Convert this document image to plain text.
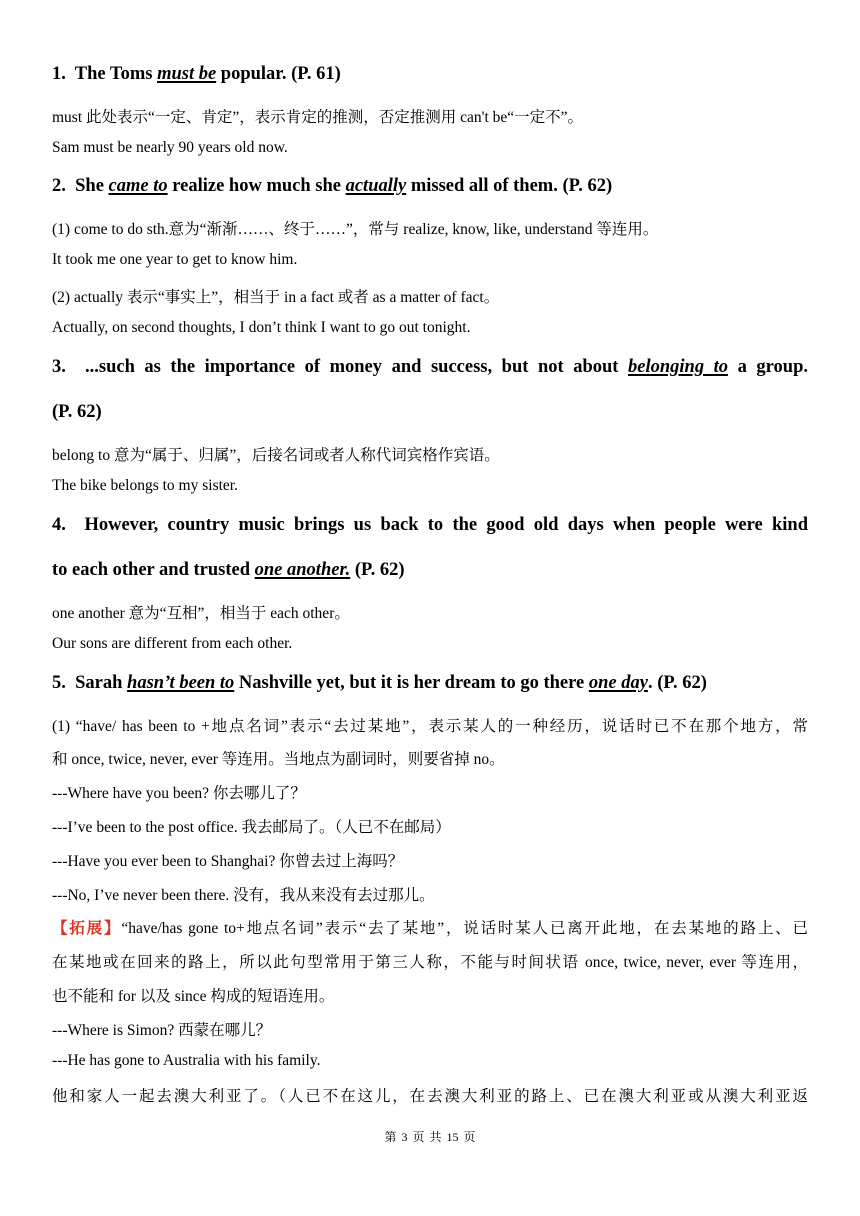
1. The Toms must be popular. (P. 61)
must 此处表示“一定、肯定”，表示肯定的推测，否定推测用 can't be“一定不”。
Sam must be nearly 90 years old now.
2. She came to realize how much she actually missed all of them. (P. 62)
(1) come to do sth.意为“渐渐……、终于……”，常与 realize, know, like, understand 等连用。
It took me one year to get to know him.
(2) actually 表示“事实上”，相当于 in a fact 或者 as a matter of fact。
Actually, on second thoughts, I don’t think I want to go out tonight.
3. ...such as the importance of money and success, but not about belonging to a group.
(P. 62)
belong to 意为“属于、归属”，后接名词或者人称代词宾格作宾语。
The bike belongs to my sister.
4. However, country music brings us back to the good old days when people were kind
to each other and trusted one another. (P. 62)
one another 意为“互相”，相当于 each other。
Our sons are different from each other.
5. Sarah hasn’t been to Nashville yet, but it is her dream to go there one day. (P. 62)
(1) “have/ has been to +地点名词”表示“去过某地”，表示某人的一种经历，说话时已不在那个地方，常
和 once, twice, never, ever 等连用。当地点为副词时，则要省掉 no。
---Where have you been? 你去哪儿了？
---I’ve been to the post office. 我去邮局了。（人已不在邮局）
---Have you ever been to Shanghai? 你曾去过上海吗？
---No, I’ve never been there. 没有，我从来没有去过那儿。
【拓展】“have/has gone to+地点名词”表示“去了某地”，说话时某人已离开此地，在去某地的路上、已
在某地或在回来的路上，所以此句型常用于第三人称，不能与时间状语 once, twice, never, ever 等连用，
也不能和 for 以及 since 构成的短语连用。
---Where is Simon? 西蒙在哪儿？
---He has gone to Australia with his family.
他和家人一起去澳大利亚了。（人已不在这儿，在去澳大利亚的路上、已在澳大利亚或从澳大利亚返
第 3 页 共 15 页
